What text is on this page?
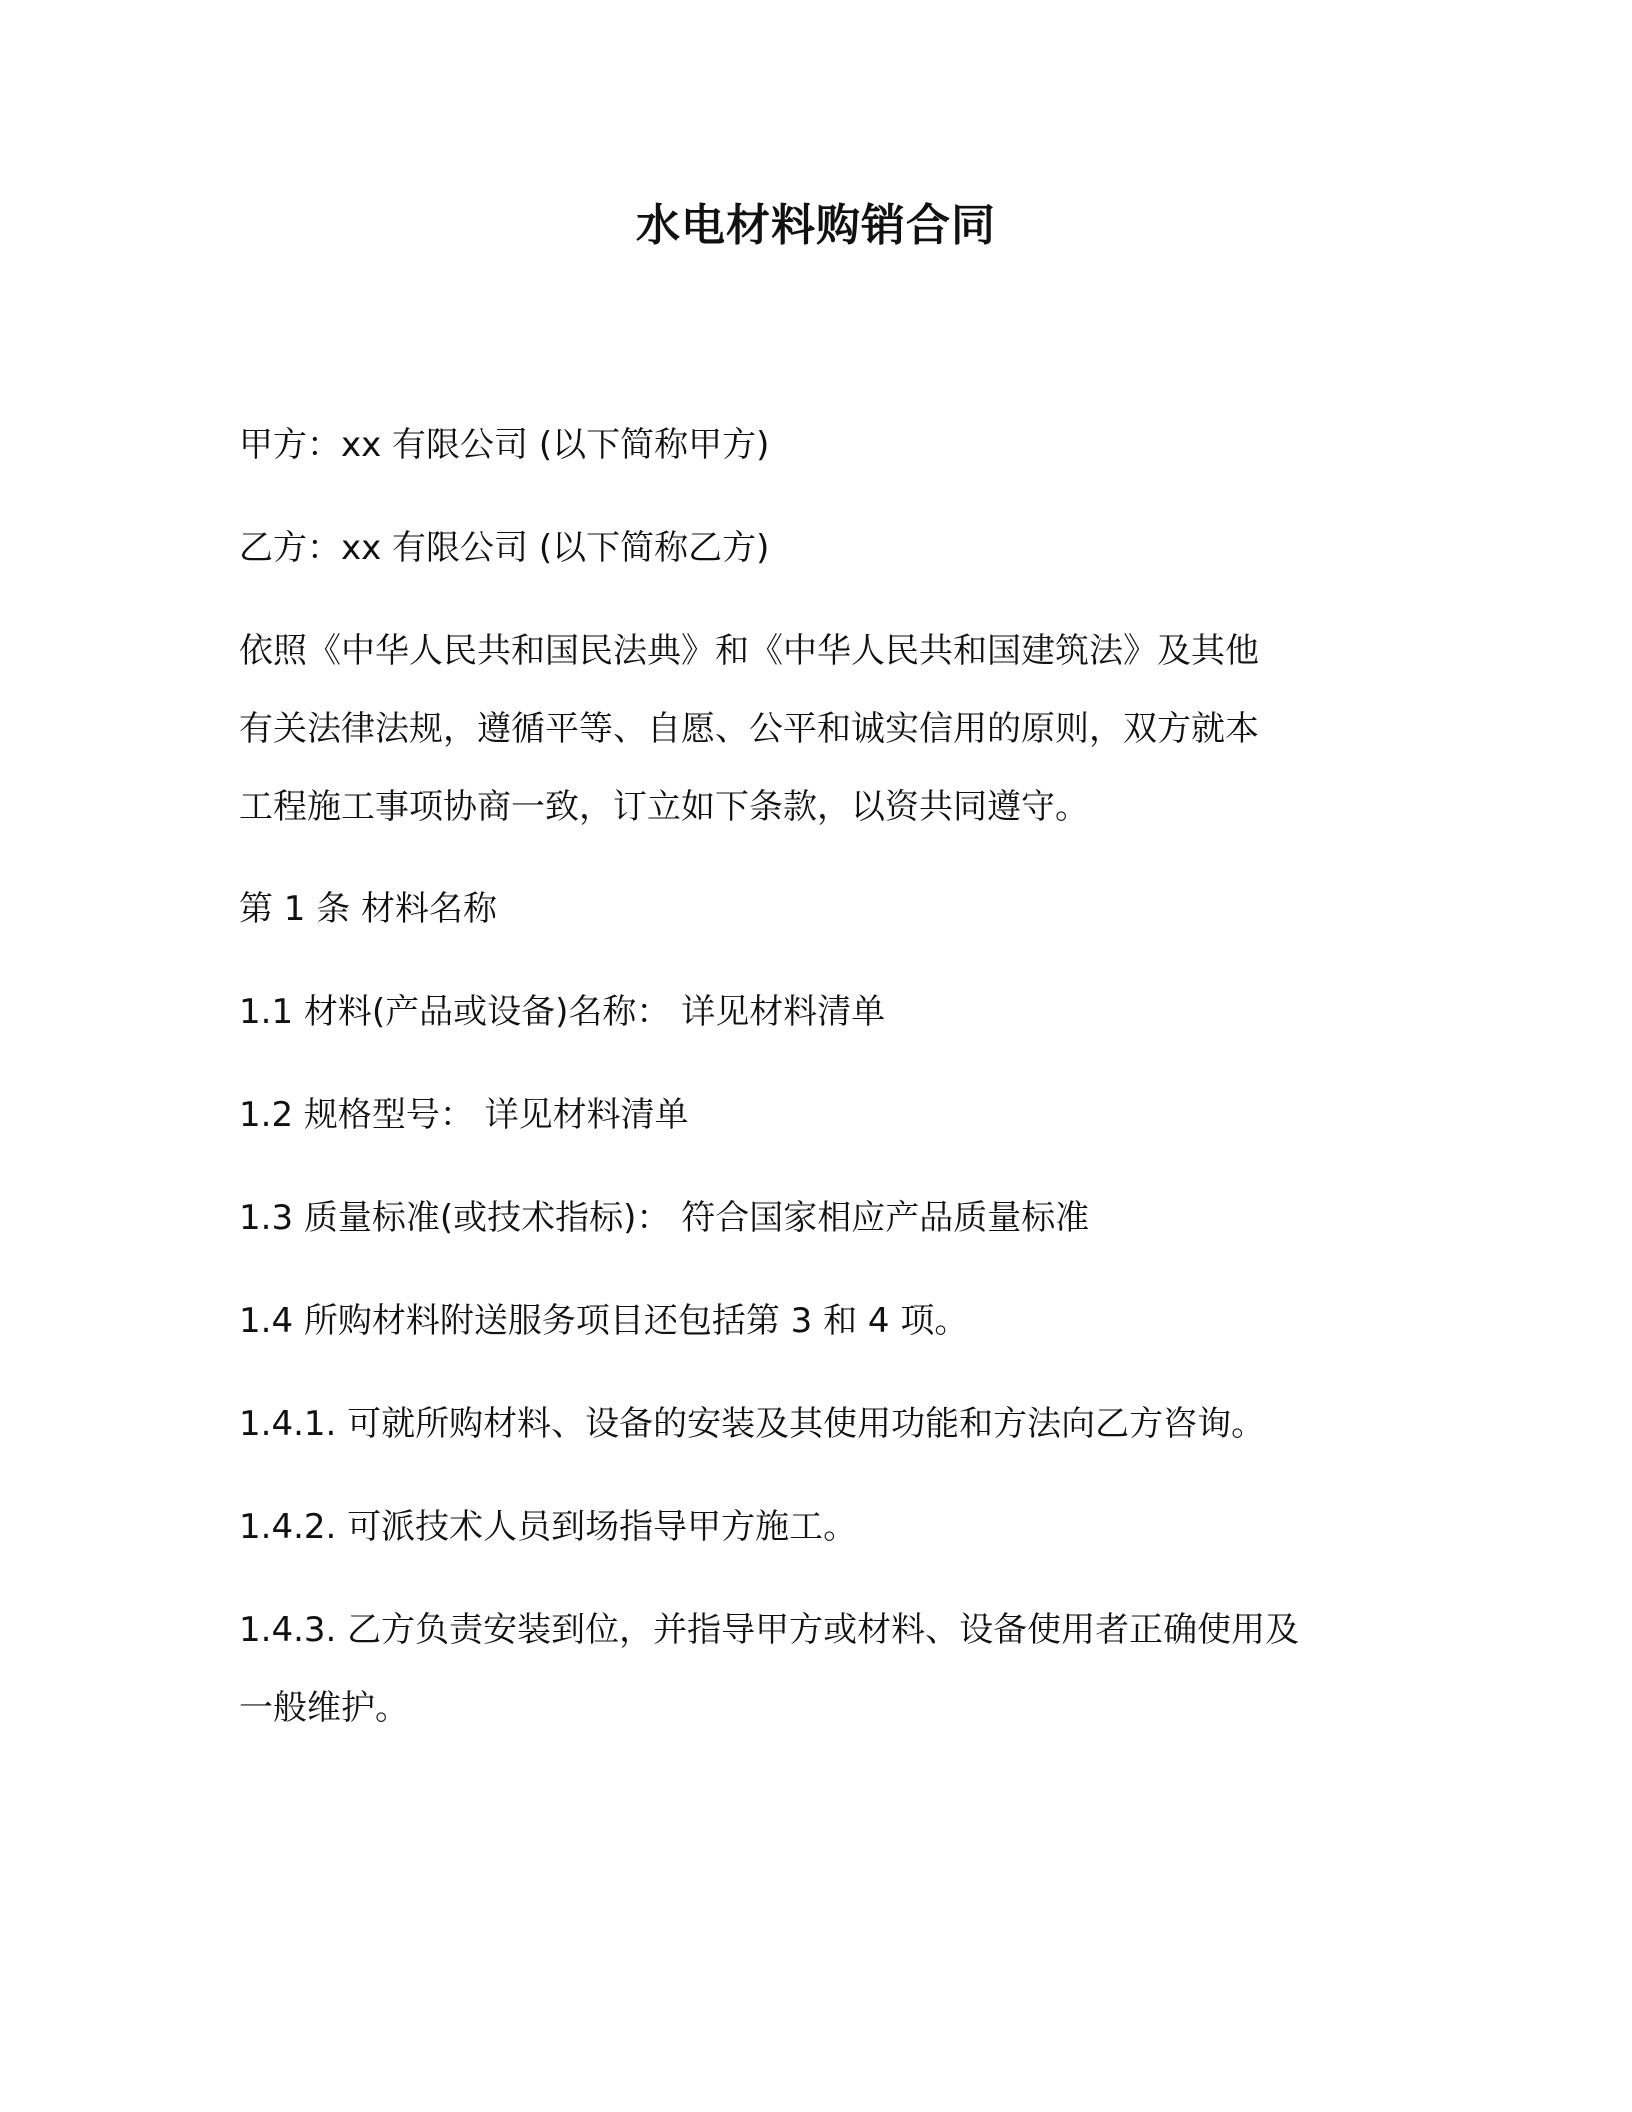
水电材料购销合同

甲方：xx 有限公司 (以下简称甲方)

乙方：xx 有限公司 (以下简称乙方)

依照《中华人民共和国民法典》和《中华人民共和国建筑法》及其他

有关法律法规，遵循平等、自愿、公平和诚实信用的原则，双方就本

工程施工事项协商一致，订立如下条款，以资共同遵守。

第 1 条 材料名称

1.1 材料(产品或设备)名称： 详见材料清单

1.2 规格型号： 详见材料清单

1.3 质量标准(或技术指标)： 符合国家相应产品质量标准

1.4 所购材料附送服务项目还包括第 3 和 4 项。

1.4.1. 可就所购材料、设备的安装及其使用功能和方法向乙方咨询。

1.4.2. 可派技术人员到场指导甲方施工。

1.4.3. 乙方负责安装到位，并指导甲方或材料、设备使用者正确使用及

一般维护。
